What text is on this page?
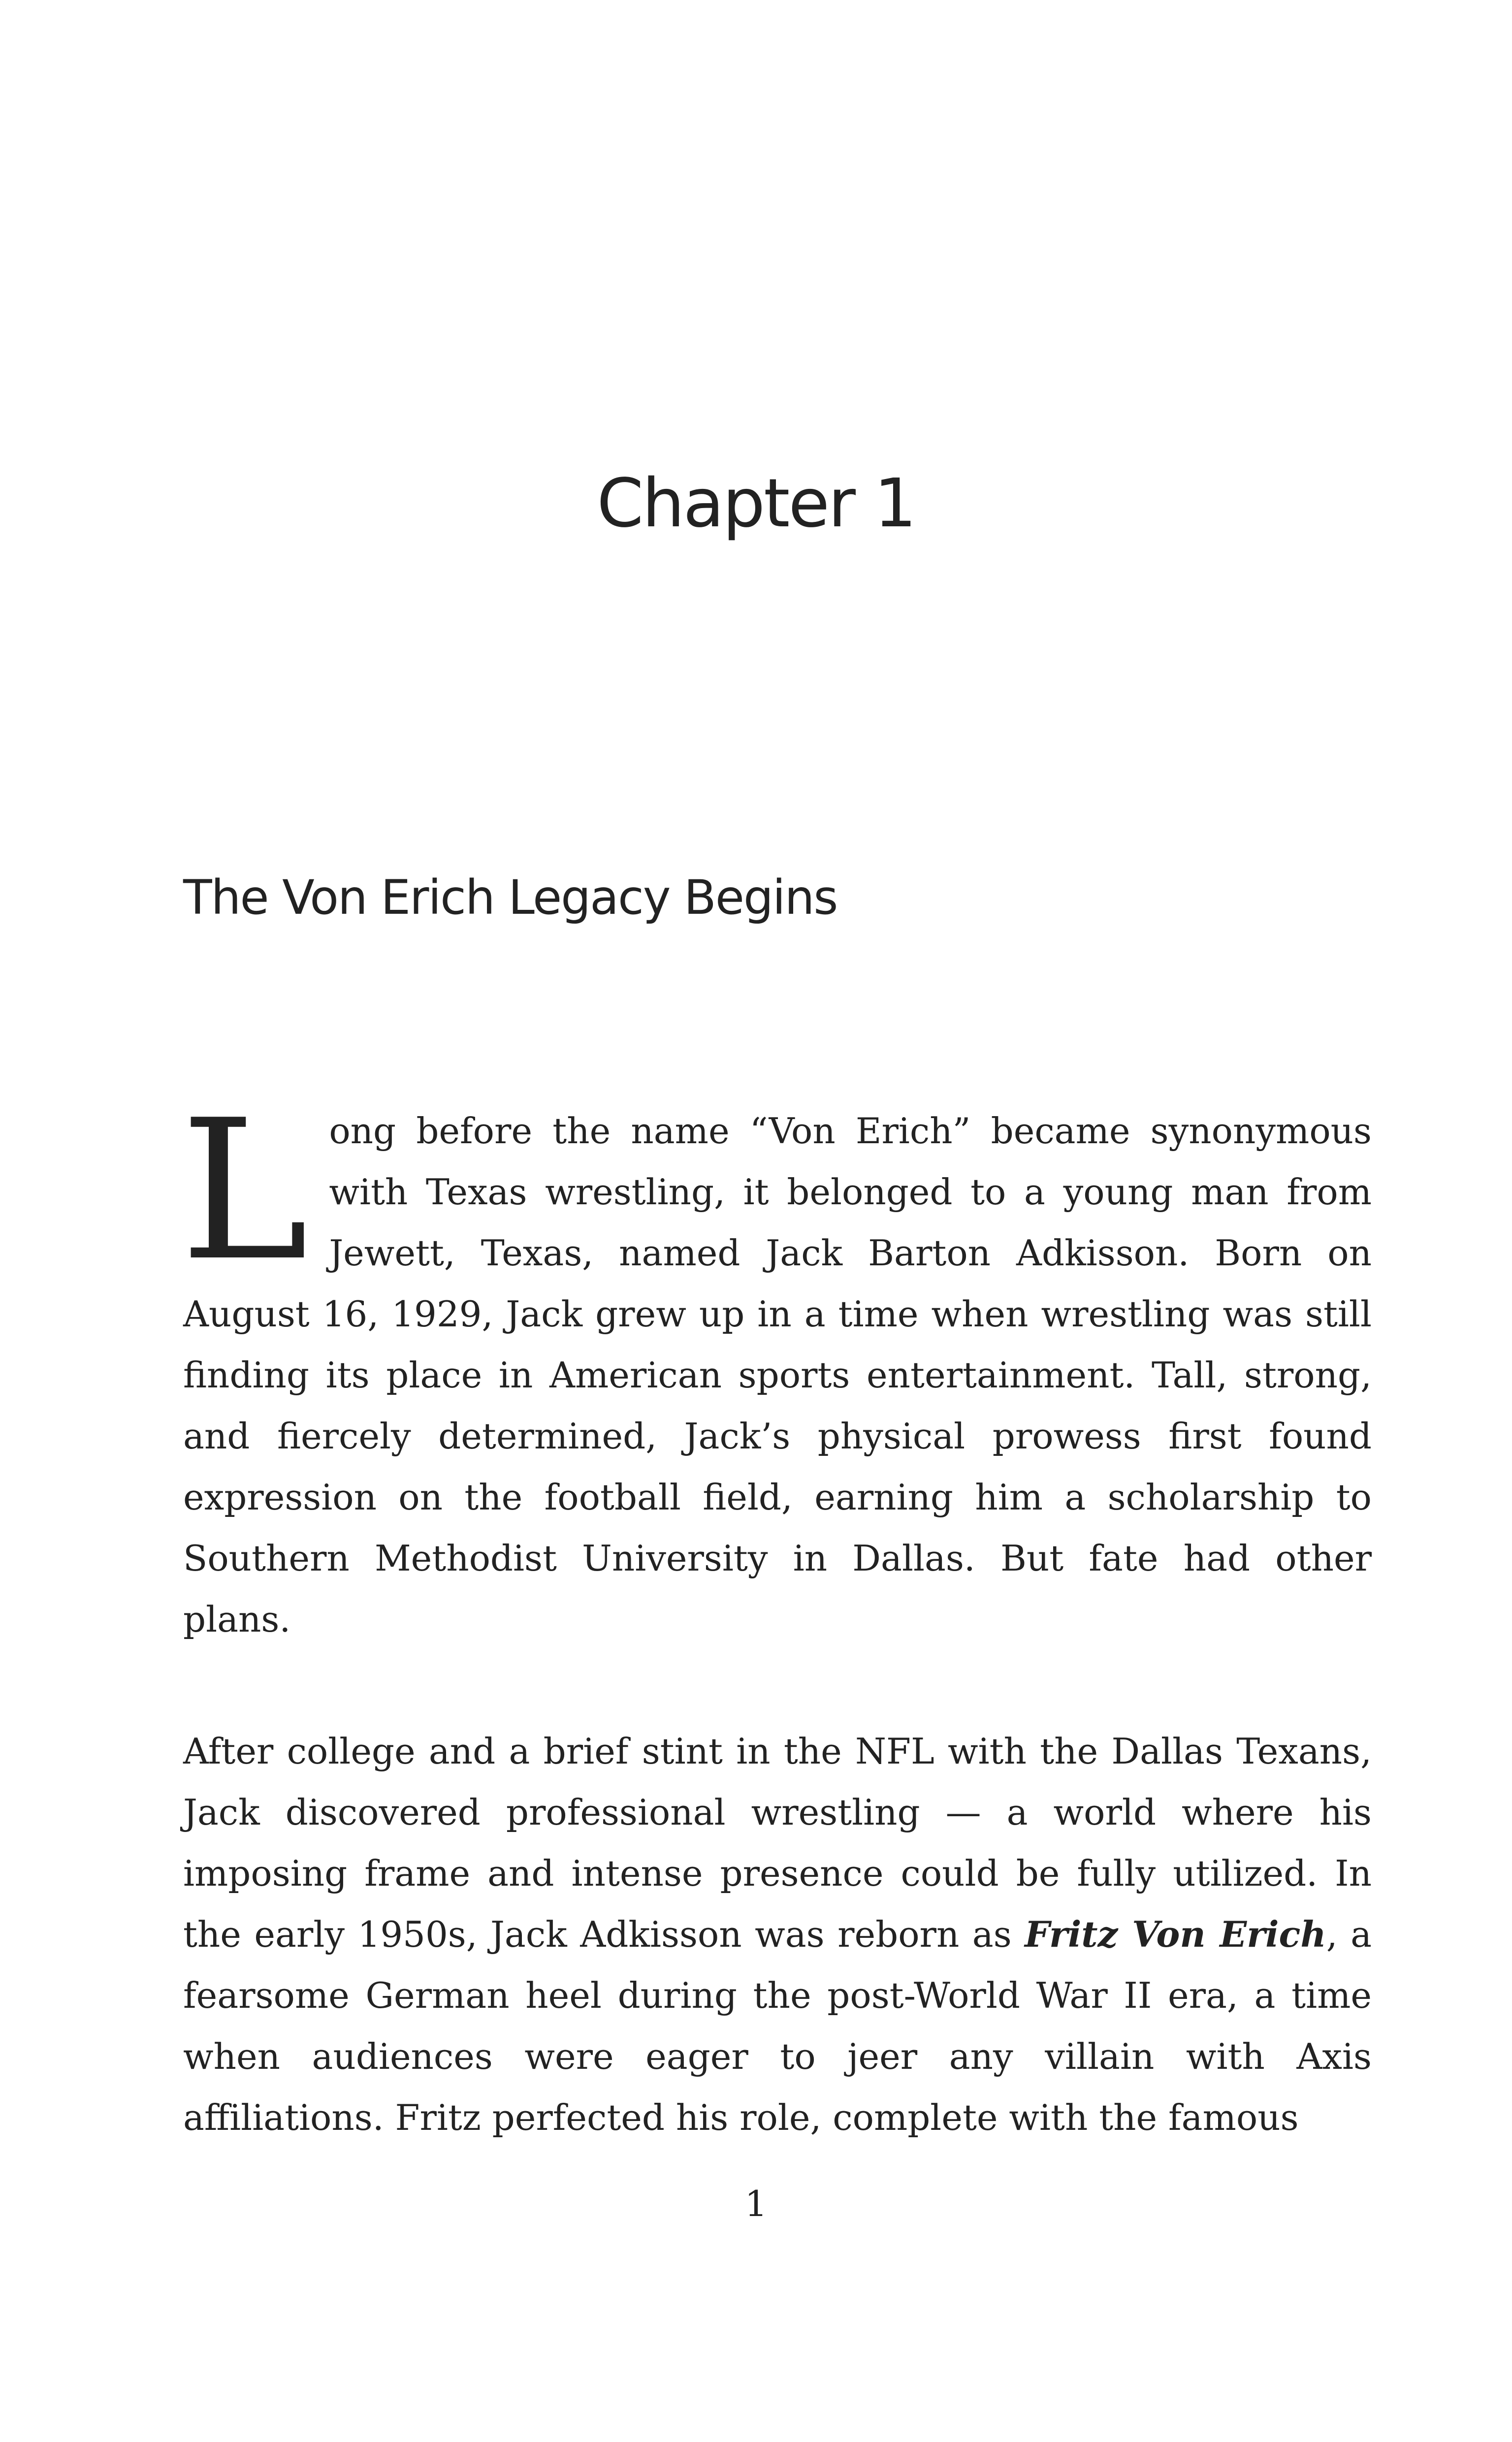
Chapter 1
The Von Erich Legacy Begins

Long before the name “Von Erich” became synonymous with Texas wrestling, it belonged to a young man from Jewett, Texas, named Jack Barton Adkisson. Born on August 16, 1929, Jack grew up in a time when wrestling was still finding its place in American sports entertainment. Tall, strong, and fiercely determined, Jack’s physical prowess first found expression on the football field, earning him a scholarship to Southern Methodist University in Dallas. But fate had other plans.

After college and a brief stint in the NFL with the Dallas Texans, Jack discovered professional wrestling — a world where his imposing frame and intense presence could be fully utilized. In the early 1950s, Jack Adkisson was reborn as Fritz Von Erich, a fearsome German heel during the post-World War II era, a time when audiences were eager to jeer any villain with Axis affiliations. Fritz perfected his role, complete with the famous

1
